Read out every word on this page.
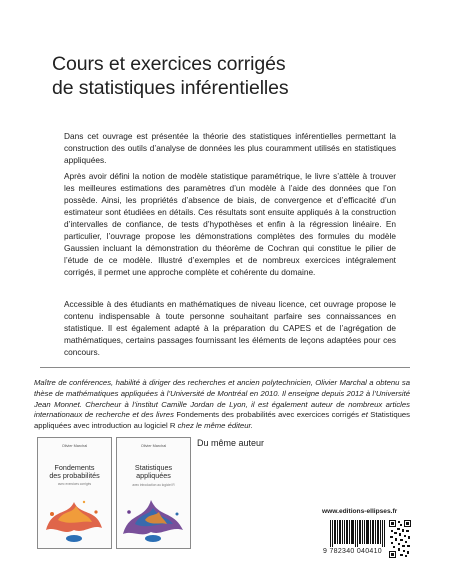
Cours et exercices corrigés
de statistiques inférentielles
Dans cet ouvrage est présentée la théorie des statistiques inférentielles permettant la construction des outils d’analyse de données les plus couramment utilisés en statistiques appliquées.
Après avoir défini la notion de modèle statistique paramétrique, le livre s’attèle à trouver les meilleures estimations des paramètres d’un modèle à l’aide des données que l’on possède. Ainsi, les propriétés d’absence de biais, de convergence et d’efficacité d’un estimateur sont étudiées en détails. Ces résultats sont ensuite appliqués à la construction d’intervalles de confiance, de tests d’hypothèses et enfin à la régression linéaire. En particulier, l’ouvrage propose les démonstrations complètes des formules du modèle Gaussien incluant la démonstration du théorème de Cochran qui constitue le pilier de l’étude de ce modèle. Illustré d’exemples et de nombreux exercices intégralement corrigés, il permet une approche complète et cohérente du domaine.
Accessible à des étudiants en mathématiques de niveau licence, cet ouvrage propose le contenu indispensable à toute personne souhaitant parfaire ses connaissances en statistique. Il est également adapté à la préparation du CAPES et de l’agrégation de mathématiques, certains passages fournissant les éléments de leçons adaptées pour ces concours.
Maître de conférences, habilité à diriger des recherches et ancien polytechnicien, Olivier Marchal a obtenu sa thèse de mathématiques appliquées à l’Université de Montréal en 2010. Il enseigne depuis 2012 à l’Université Jean Monnet. Chercheur à l’institut Camille Jordan de Lyon, il est également auteur de nombreux articles internationaux de recherche et des livres Fondements des probabilités avec exercices corrigés et Statistiques appliquées avec introduction au logiciel R chez le même éditeur.
Olivier Marchal
Fondements
des probabilités
avec exercices corrigés
Olivier Marchal
Statistiques
appliquées
avec introduction au logiciel R
Du même auteur
www.editions-ellipses.fr
9 782340 040410
